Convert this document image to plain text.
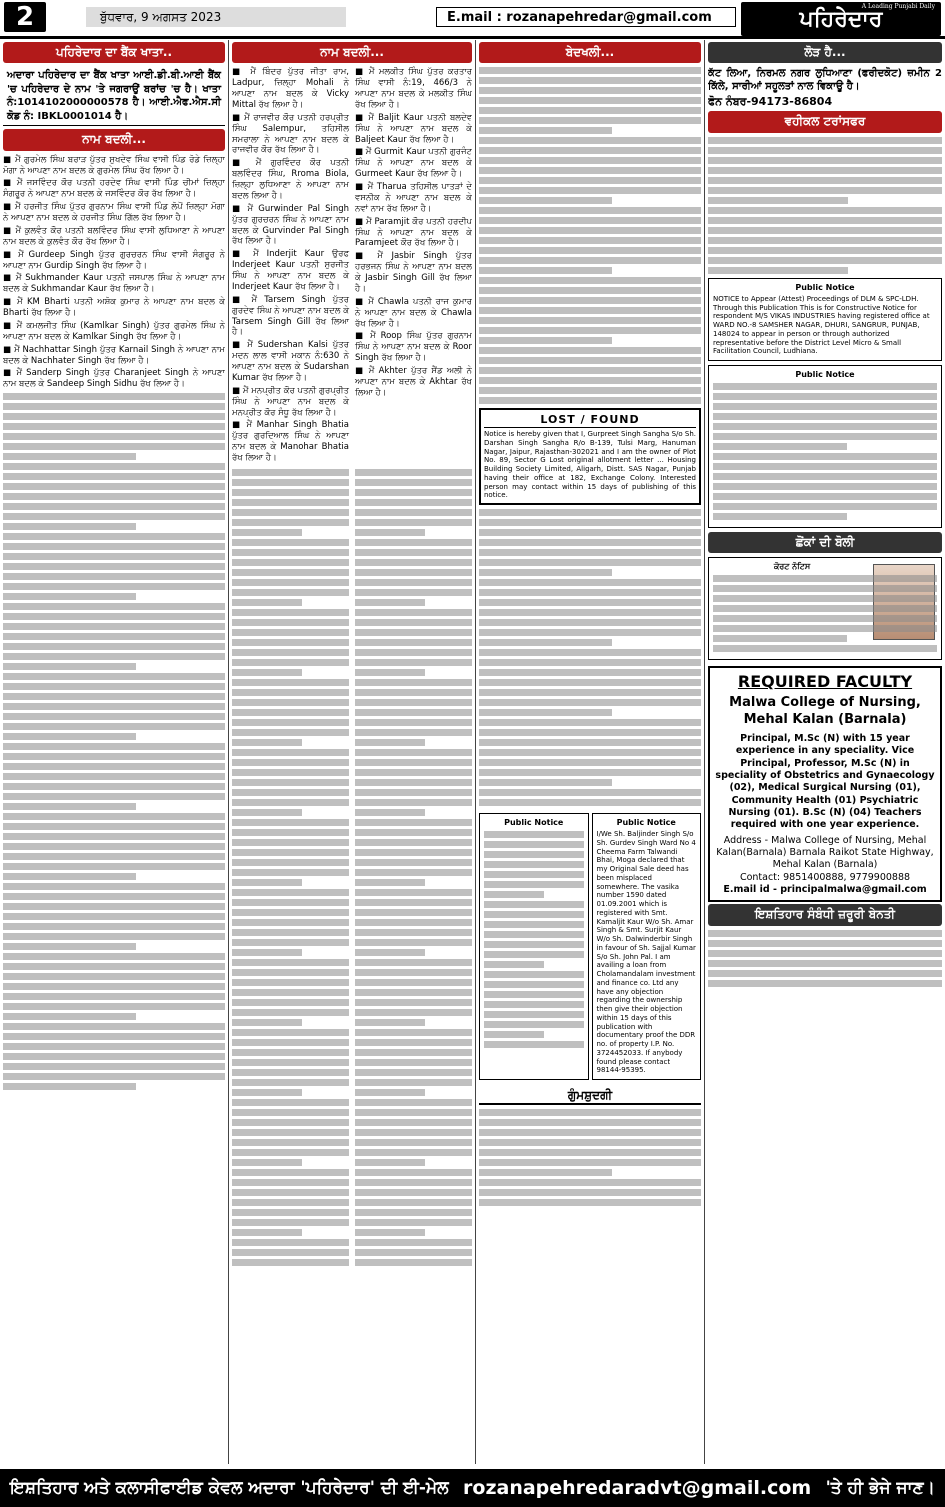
2	ਬੁੱਧਵਾਰ, 9 ਅਗਸਤ 2023	E.mail : rozanapehredar@gmail.com
A Leading Punjabi Daily
ਪਹਿਰੇਦਾਰ
ਪਹਿਰੇਦਾਰ ਦਾ ਬੈਂਕ ਖਾਤਾ..
ਅਦਾਰਾ ਪਹਿਰੇਦਾਰ ਦਾ ਬੈਂਕ ਖਾਤਾ ਆਈ.ਡੀ.ਬੀ.ਆਈ ਬੈਂਕ 'ਚ ਪਹਿਰੇਦਾਰ ਦੇ ਨਾਮ 'ਤੇ ਜਗਰਾਉਂ ਬਰਾਂਚ 'ਚ ਹੈ। ਖਾਤਾ ਨੰ:1014102000000578 ਹੈ। ਆਈ.ਐਫ.ਐਸ.ਸੀ ਕੋਡ ਨੰ: IBKL0001014 ਹੈ।
ਨਾਮ ਬਦਲੀ...

■ ਮੈਂ ਗੁਰਮੇਲ ਸਿੰਘ ਬਰਾੜ ਪੁੱਤਰ ਸੁਖਦੇਵ ਸਿੰਘ ਵਾਸੀ ਪਿੰਡ ਰੋਡੇ ਜ਼ਿਲ੍ਹਾ ਮੋਗਾ ਨੇ ਆਪਣਾ ਨਾਮ ਬਦਲ ਕੇ ਗੁਰਮੇਲ ਸਿੰਘ ਰੱਖ ਲਿਆ ਹੈ।

■ ਮੈਂ ਜਸਵਿੰਦਰ ਕੌਰ ਪਤਨੀ ਹਰਦੇਵ ਸਿੰਘ ਵਾਸੀ ਪਿੰਡ ਚੀਮਾਂ ਜ਼ਿਲ੍ਹਾ ਸੰਗਰੂਰ ਨੇ ਆਪਣਾ ਨਾਮ ਬਦਲ ਕੇ ਜਸਵਿੰਦਰ ਕੌਰ ਰੱਖ ਲਿਆ ਹੈ।

■ ਮੈਂ ਹਰਜੀਤ ਸਿੰਘ ਪੁੱਤਰ ਗੁਰਨਾਮ ਸਿੰਘ ਵਾਸੀ ਪਿੰਡ ਲੋਪੋਂ ਜ਼ਿਲ੍ਹਾ ਮੋਗਾ ਨੇ ਆਪਣਾ ਨਾਮ ਬਦਲ ਕੇ ਹਰਜੀਤ ਸਿੰਘ ਗਿੱਲ ਰੱਖ ਲਿਆ ਹੈ।

■ ਮੈਂ ਕੁਲਵੰਤ ਕੌਰ ਪਤਨੀ ਬਲਵਿੰਦਰ ਸਿੰਘ ਵਾਸੀ ਲੁਧਿਆਣਾ ਨੇ ਆਪਣਾ ਨਾਮ ਬਦਲ ਕੇ ਕੁਲਵੰਤ ਕੌਰ ਰੱਖ ਲਿਆ ਹੈ।

■ ਮੈਂ Gurdeep Singh ਪੁੱਤਰ ਗੁਰਚਰਨ ਸਿੰਘ ਵਾਸੀ ਸੰਗਰੂਰ ਨੇ ਆਪਣਾ ਨਾਮ Gurdip Singh ਰੱਖ ਲਿਆ ਹੈ।

■ ਮੈਂ Sukhmander Kaur ਪਤਨੀ ਜਸਪਾਲ ਸਿੰਘ ਨੇ ਆਪਣਾ ਨਾਮ ਬਦਲ ਕੇ Sukhmandar Kaur ਰੱਖ ਲਿਆ ਹੈ।

■ ਮੈਂ KM Bharti ਪਤਨੀ ਅਸ਼ੋਕ ਕੁਮਾਰ ਨੇ ਆਪਣਾ ਨਾਮ ਬਦਲ ਕੇ Bharti ਰੱਖ ਲਿਆ ਹੈ।

■ ਮੈਂ ਕਮਲਜੀਤ ਸਿੰਘ (Kamlkar Singh) ਪੁੱਤਰ ਗੁਰਮੇਲ ਸਿੰਘ ਨੇ ਆਪਣਾ ਨਾਮ ਬਦਲ ਕੇ Kamlkar Singh ਰੱਖ ਲਿਆ ਹੈ।

■ ਮੈਂ Nachhattar Singh ਪੁੱਤਰ Karnail Singh ਨੇ ਆਪਣਾ ਨਾਮ ਬਦਲ ਕੇ Nachhater Singh ਰੱਖ ਲਿਆ ਹੈ।

■ ਮੈਂ Sanderp Singh ਪੁੱਤਰ Charanjeet Singh ਨੇ ਆਪਣਾ ਨਾਮ ਬਦਲ ਕੇ Sandeep Singh Sidhu ਰੱਖ ਲਿਆ ਹੈ।

ਨਾਮ ਬਦਲੀ...

■ ਮੈਂ ਬਿੰਦਰ ਪੁੱਤਰ ਜੀਤਾ ਰਾਮ, Ladpur, ਜ਼ਿਲ੍ਹਾ Mohali ਨੇ ਆਪਣਾ ਨਾਮ ਬਦਲ ਕੇ Vicky Mittal ਰੱਖ ਲਿਆ ਹੈ।

■ ਮੈਂ ਰਾਜਵੀਰ ਕੌਰ ਪਤਨੀ ਹਰਪ੍ਰੀਤ ਸਿੰਘ Salempur, ਤਹਿਸੀਲ ਸਮਰਾਲਾ ਨੇ ਆਪਣਾ ਨਾਮ ਬਦਲ ਕੇ ਰਾਜਵੀਰ ਕੌਰ ਰੱਖ ਲਿਆ ਹੈ।

■ ਮੈਂ ਗੁਰਵਿੰਦਰ ਕੌਰ ਪਤਨੀ ਬਲਵਿੰਦਰ ਸਿੰਘ, Rroma Biola, ਜ਼ਿਲ੍ਹਾ ਲੁਧਿਆਣਾ ਨੇ ਆਪਣਾ ਨਾਮ ਬਦਲ ਲਿਆ ਹੈ।

■ ਮੈਂ Gurwinder Pal Singh ਪੁੱਤਰ ਗੁਰਚਰਨ ਸਿੰਘ ਨੇ ਆਪਣਾ ਨਾਮ ਬਦਲ ਕੇ Gurvinder Pal Singh ਰੱਖ ਲਿਆ ਹੈ।

■ ਮੈਂ Inderjit Kaur ਉਰਫ Inderjeet Kaur ਪਤਨੀ ਸੁਰਜੀਤ ਸਿੰਘ ਨੇ ਆਪਣਾ ਨਾਮ ਬਦਲ ਕੇ Inderjeet Kaur ਰੱਖ ਲਿਆ ਹੈ।

■ ਮੈਂ Tarsem Singh ਪੁੱਤਰ ਗੁਰਦੇਵ ਸਿੰਘ ਨੇ ਆਪਣਾ ਨਾਮ ਬਦਲ ਕੇ Tarsem Singh Gill ਰੱਖ ਲਿਆ ਹੈ।

■ ਮੈਂ Sudershan Kalsi ਪੁੱਤਰ ਮਦਨ ਲਾਲ ਵਾਸੀ ਮਕਾਨ ਨੰ:630 ਨੇ ਆਪਣਾ ਨਾਮ ਬਦਲ ਕੇ Sudarshan Kumar ਰੱਖ ਲਿਆ ਹੈ।

■ ਮੈਂ ਮਨਪ੍ਰੀਤ ਕੌਰ ਪਤਨੀ ਗੁਰਪ੍ਰੀਤ ਸਿੰਘ ਨੇ ਆਪਣਾ ਨਾਮ ਬਦਲ ਕੇ ਮਨਪ੍ਰੀਤ ਕੌਰ ਸੰਧੂ ਰੱਖ ਲਿਆ ਹੈ।

■ ਮੈਂ Manhar Singh Bhatia ਪੁੱਤਰ ਗੁਰਦਿਆਲ ਸਿੰਘ ਨੇ ਆਪਣਾ ਨਾਮ ਬਦਲ ਕੇ Manohar Bhatia ਰੱਖ ਲਿਆ ਹੈ।

■ ਮੈਂ ਮਲਕੀਤ ਸਿੰਘ ਪੁੱਤਰ ਕਰਤਾਰ ਸਿੰਘ ਵਾਸੀ ਨੰ:19, 466/3 ਨੇ ਆਪਣਾ ਨਾਮ ਬਦਲ ਕੇ ਮਲਕੀਤ ਸਿੰਘ ਰੱਖ ਲਿਆ ਹੈ।

■ ਮੈਂ Baljit Kaur ਪਤਨੀ ਬਲਦੇਵ ਸਿੰਘ ਨੇ ਆਪਣਾ ਨਾਮ ਬਦਲ ਕੇ Baljeet Kaur ਰੱਖ ਲਿਆ ਹੈ।

■ ਮੈਂ Gurmit Kaur ਪਤਨੀ ਗੁਰਜੰਟ ਸਿੰਘ ਨੇ ਆਪਣਾ ਨਾਮ ਬਦਲ ਕੇ Gurmeet Kaur ਰੱਖ ਲਿਆ ਹੈ।

■ ਮੈਂ Tharua ਤਹਿਸੀਲ ਪਾਤੜਾਂ ਦੇ ਵਸਨੀਕ ਨੇ ਆਪਣਾ ਨਾਮ ਬਦਲ ਕੇ ਨਵਾਂ ਨਾਮ ਰੱਖ ਲਿਆ ਹੈ।

■ ਮੈਂ Paramjit ਕੌਰ ਪਤਨੀ ਹਰਦੀਪ ਸਿੰਘ ਨੇ ਆਪਣਾ ਨਾਮ ਬਦਲ ਕੇ Paramjeet ਕੌਰ ਰੱਖ ਲਿਆ ਹੈ।

■ ਮੈਂ Jasbir Singh ਪੁੱਤਰ ਹਰਭਜਨ ਸਿੰਘ ਨੇ ਆਪਣਾ ਨਾਮ ਬਦਲ ਕੇ Jasbir Singh Gill ਰੱਖ ਲਿਆ ਹੈ।

■ ਮੈਂ Chawla ਪਤਨੀ ਰਾਜ ਕੁਮਾਰ ਨੇ ਆਪਣਾ ਨਾਮ ਬਦਲ ਕੇ Chawla ਰੱਖ ਲਿਆ ਹੈ।

■ ਮੈਂ Roop ਸਿੰਘ ਪੁੱਤਰ ਗੁਰਨਾਮ ਸਿੰਘ ਨੇ ਆਪਣਾ ਨਾਮ ਬਦਲ ਕੇ Roor Singh ਰੱਖ ਲਿਆ ਹੈ।

■ ਮੈਂ Akhter ਪੁੱਤਰ ਸੈਂਡ ਅਲੀ ਨੇ ਆਪਣਾ ਨਾਮ ਬਦਲ ਕੇ Akhtar ਰੱਖ ਲਿਆ ਹੈ।

ਬੇਦਖਲੀ...
LOST / FOUND
Notice is hereby given that I, Gurpreet Singh Sangha S/o Sh. Darshan Singh Sangha R/o B-139, Tulsi Marg, Hanuman Nagar, Jaipur, Rajasthan-302021 and I am the owner of Plot No. 89, Sector G Lost original allotment letter ... Housing Building Society Limited, Aligarh, Distt. SAS Nagar, Punjab having their office at 182, Exchange Colony. Interested person may contact within 15 days of publishing of this notice.
Public Notice	Public Notice
I/We Sh. Baljinder Singh S/o Sh. Gurdev Singh Ward No 4 Cheema Farm Talwandi Bhai, Moga declared that my Original Sale deed has been misplaced somewhere. The vasika number 1590 dated 01.09.2001 which is registered with Smt. Kamaljit Kaur W/o Sh. Amar Singh & Smt. Surjit Kaur W/o Sh. Dalwinderbir Singh in favour of Sh. Sajjal Kumar S/o Sh. John Pal. I am availing a loan from Cholamandalam investment and finance co. Ltd any have any objection regarding the ownership then give their objection within 15 days of this publication with documentary proof the DDR no. of property I.P. No. 3724452033. If anybody found please contact 98144-95395.
ਗੁੰਮਸ਼ੁਦਗੀ
ਲੋੜ ਹੈ...
ਕੱਟ ਲਿਆ, ਨਿਰਮਲ ਨਗਰ ਲੁਧਿਆਣਾ (ਫਰੀਦਕੋਟ) ਜ਼ਮੀਨ 2 ਕਿੱਲੇ, ਸਾਰੀਆਂ ਸਹੂਲਤਾਂ ਨਾਲ ਵਿਕਾਊ ਹੈ।
ਫੋਨ ਨੰਬਰ-94173-86804
ਵਹੀਕਲ ਟਰਾਂਸਫਰ
Public Notice
NOTICE to Appear (Attest) Proceedings of DLM & SPC-LDH. Through this Publication This is for Constructive Notice for respondent M/S VIKAS INDUSTRIES having registered office at WARD NO.-8 SAMSHER NAGAR, DHURI, SANGRUR, PUNJAB, 148024 to appear in person or through authorized representative before the District Level Micro & Small Facilitation Council, Ludhiana.
Public Notice
ਛੋਂਕਾਂ ਦੀ ਬੋਲੀ
ਕੋਰਟ ਨੋਟਿਸ
REQUIRED FACULTY
Malwa College of Nursing, Mehal Kalan (Barnala)
Principal, M.Sc (N) with 15 year experience in any speciality. Vice Principal, Professor, M.Sc (N) in speciality of Obstetrics and Gynaecology (02), Medical Surgical Nursing (01), Community Health (01) Psychiatric Nursing (01). B.Sc (N) (04) Teachers required with one year experience.
Address - Malwa College of Nursing, Mehal Kalan(Barnala) Barnala Raikot State Highway, Mehal Kalan (Barnala)
Contact: 9851400888, 9779900888
E.mail id - principalmalwa@gmail.com
ਇਸ਼ਤਿਹਾਰ ਸੰਬੰਧੀ ਜ਼ਰੂਰੀ ਬੇਨਤੀ
ਇਸ਼ਤਿਹਾਰ ਅਤੇ ਕਲਾਸੀਫਾਈਡ ਕੇਵਲ ਅਦਾਰਾ 'ਪਹਿਰੇਦਾਰ' ਦੀ ਈ-ਮੇਲ rozanapehredaradvt@gmail.com 'ਤੇ ਹੀ ਭੇਜੇ ਜਾਣ।
